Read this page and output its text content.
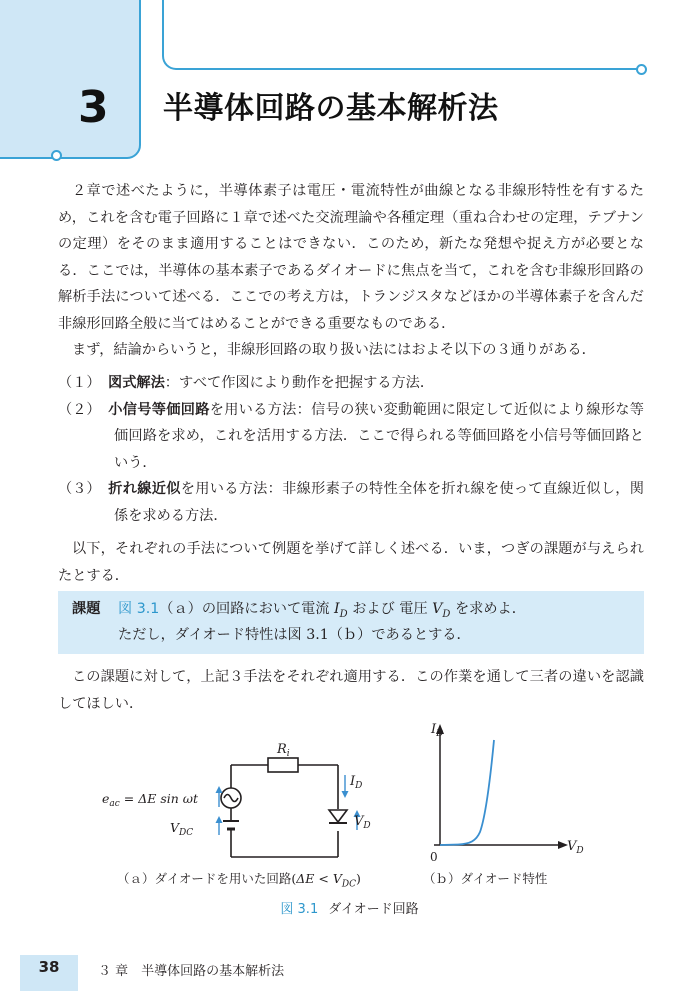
3 半導体回路の基本解析法
２章で述べたように，半導体素子は電圧・電流特性が曲線となる非線形特性を有するため，これを含む電子回路に１章で述べた交流理論や各種定理（重ね合わせの定理，テブナンの定理）をそのまま適用することはできない．このため，新たな発想や捉え方が必要となる．ここでは，半導体の基本素子であるダイオードに焦点を当て，これを含む非線形回路の解析手法について述べる．ここでの考え方は，トランジスタなどほかの半導体素子を含んだ非線形回路全般に当てはめることができる重要なものである．
まず，結論からいうと，非線形回路の取り扱い法にはおよそ以下の３通りがある．
（１） 図式解法：すべて作図により動作を把握する方法．
（２） 小信号等価回路を用いる方法：信号の狭い変動範囲に限定して近似により線形な等価回路を求め，これを活用する方法．ここで得られる等価回路を小信号等価回路という．
（３） 折れ線近似を用いる方法：非線形素子の特性全体を折れ線を使って直線近似し，関係を求める方法．
以下，それぞれの手法について例題を挙げて詳しく述べる．いま，つぎの課題が与えられたとする．
課題 図 3.1（ａ）の回路において電流 $I_D$ および 電圧 $V_D$ を求めよ．
ただし，ダイオード特性は図 3.1（ｂ）であるとする．
この課題に対して，上記３手法をそれぞれ適用する．この作業を通して三者の違いを認識してほしい．
$R_i$
$I_D$
$V_D$
$e_{ac} = \Delta E$ sin ωt
$V_{DC}$
$I_D$
$V_D$
0
（ａ）ダイオードを用いた回路$(\Delta E < V_{DC})$	（ｂ）ダイオード特性
図 3.1 ダイオード回路
38	３ 章　半導体回路の基本解析法
